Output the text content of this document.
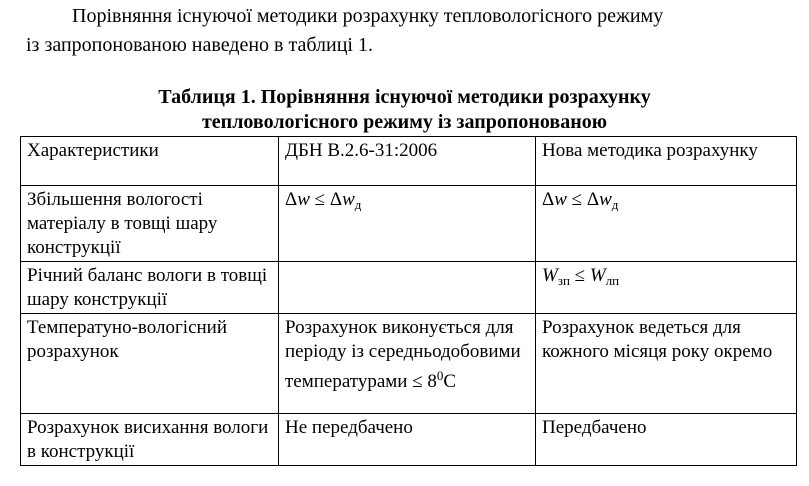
Порівняння існуючої методики розрахунку тепловологісного режиму
із запропонованою наведено в таблиці 1.

Таблиця 1. Порівняння існуючої методики розрахунку
тепловологісного режиму із запропонованою
Характеристики	ДБН В.2.6-31:2006	Нова методика розрахунку
Збільшення вологості матеріалу в товщі шару конструкції	$\Delta w \le \Delta w_д$	$\Delta w \le \Delta w_д$
Річний баланс вологи в товщі шару конструкції		$W_{зп} \le W_{лп}$
Температуно-вологісний розрахунок	Розрахунок виконується для періоду із середньодобовими температурами ≤ $8^0С$	Розрахунок ведеться для кожного місяця року окремо
Розрахунок висихання вологи в конструкції	Не передбачено	Передбачено
